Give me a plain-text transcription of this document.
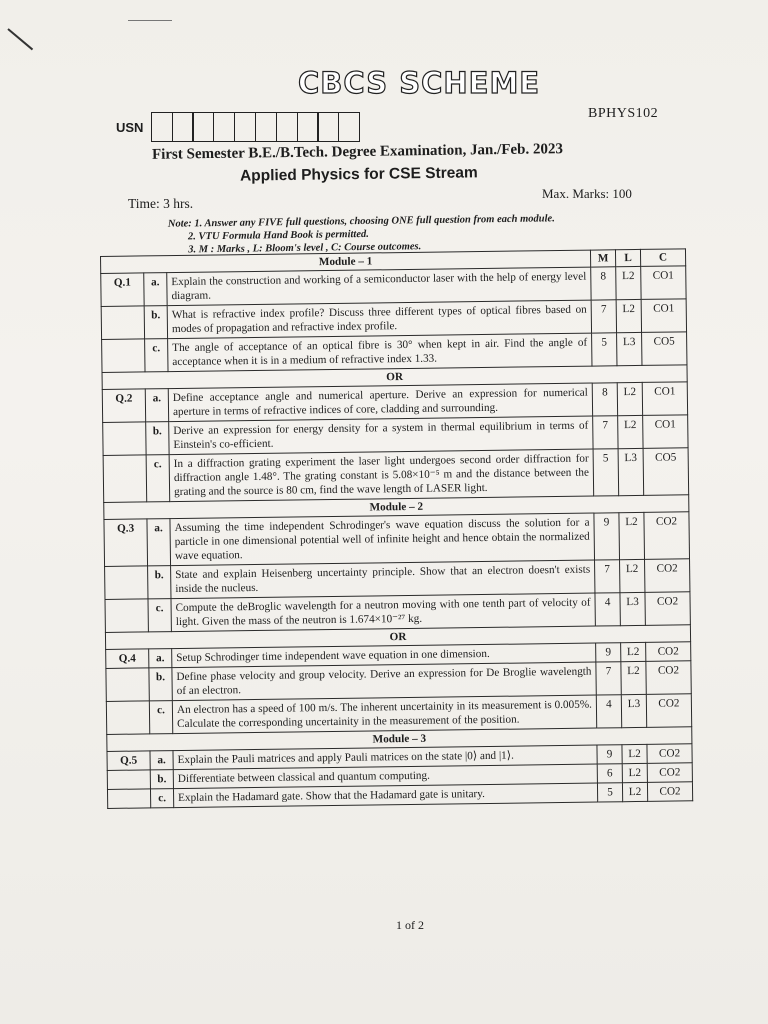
CBCS SCHEME
BPHYS102
USN
First Semester B.E./B.Tech. Degree Examination, Jan./Feb. 2023
Applied Physics for CSE Stream
Time: 3 hrs.
Max. Marks: 100
Note: 1. Answer any FIVE full questions, choosing ONE full question from each module.
2. VTU Formula Hand Book is permitted.
3. M : Marks , L: Bloom's level , C: Course outcomes.
Module – 1			M	L	C
Q.1	a.	Explain the construction and working of a semiconductor laser with the help of energy level diagram.	8	L2	CO1
	b.	What is refractive index profile? Discuss three different types of optical fibres based on modes of propagation and refractive index profile.	7	L2	CO1
	c.	The angle of acceptance of an optical fibre is 30° when kept in air. Find the angle of acceptance when it is in a medium of refractive index 1.33.	5	L3	CO5
OR					
Q.2	a.	Define acceptance angle and numerical aperture. Derive an expression for numerical aperture in terms of refractive indices of core, cladding and surrounding.	8	L2	CO1
	b.	Derive an expression for energy density for a system in thermal equilibrium in terms of Einstein's co-efficient.	7	L2	CO1
	c.	In a diffraction grating experiment the laser light undergoes second order diffraction for diffraction angle 1.48°. The grating constant is 5.08×10⁻⁵ m and the distance between the grating and the source is 80 cm, find the wave length of LASER light.	5	L3	CO5
Module – 2					
Q.3	a.	Assuming the time independent Schrodinger's wave equation discuss the solution for a particle in one dimensional potential well of infinite height and hence obtain the normalized wave equation.	9	L2	CO2
	b.	State and explain Heisenberg uncertainty principle. Show that an electron doesn't exists inside the nucleus.	7	L2	CO2
	c.	Compute the deBroglic wavelength for a neutron moving with one tenth part of velocity of light. Given the mass of the neutron is 1.674×10⁻²⁷ kg.	4	L3	CO2
OR					
Q.4	a.	Setup Schrodinger time independent wave equation in one dimension.	9	L2	CO2
	b.	Define phase velocity and group velocity. Derive an expression for De Broglie wavelength of an electron.	7	L2	CO2
	c.	An electron has a speed of 100 m/s. The inherent uncertainity in its measurement is 0.005%. Calculate the corresponding uncertainity in the measurement of the position.	4	L3	CO2
Module – 3					
Q.5	a.	Explain the Pauli matrices and apply Pauli matrices on the state |0⟩ and |1⟩.	9	L2	CO2
	b.	Differentiate between classical and quantum computing.	6	L2	CO2
	c.	Explain the Hadamard gate. Show that the Hadamard gate is unitary.	5	L2	CO2
1 of 2
